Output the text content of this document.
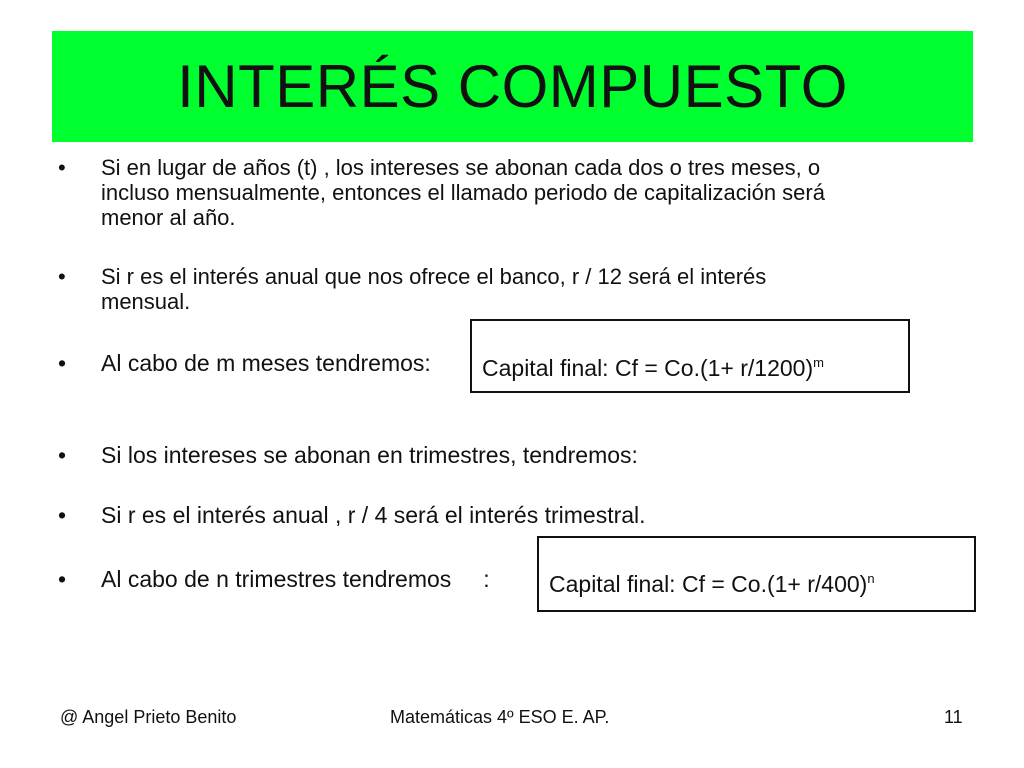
INTERÉS COMPUESTO
• Si en lugar de años (t) , los intereses se abonan cada dos o tres meses, o
incluso mensualmente, entonces el llamado periodo de capitalización será
menor al año.
• Si r es el interés anual que nos ofrece el banco, r / 12 será el interés
mensual.
• Al cabo de m meses tendremos: Capital final: $Cf = Co.(1+ r/1200)^m$
• Si los intereses se abonan en trimestres, tendremos:
• Si r es el interés anual , r / 4 será el interés trimestral.
• Al cabo de n trimestres tendremos     :	Capital final: $Cf = Co.(1+ r/400)^n$
@ Angel Prieto Benito	Matemáticas 4º ESO E. AP.	11
